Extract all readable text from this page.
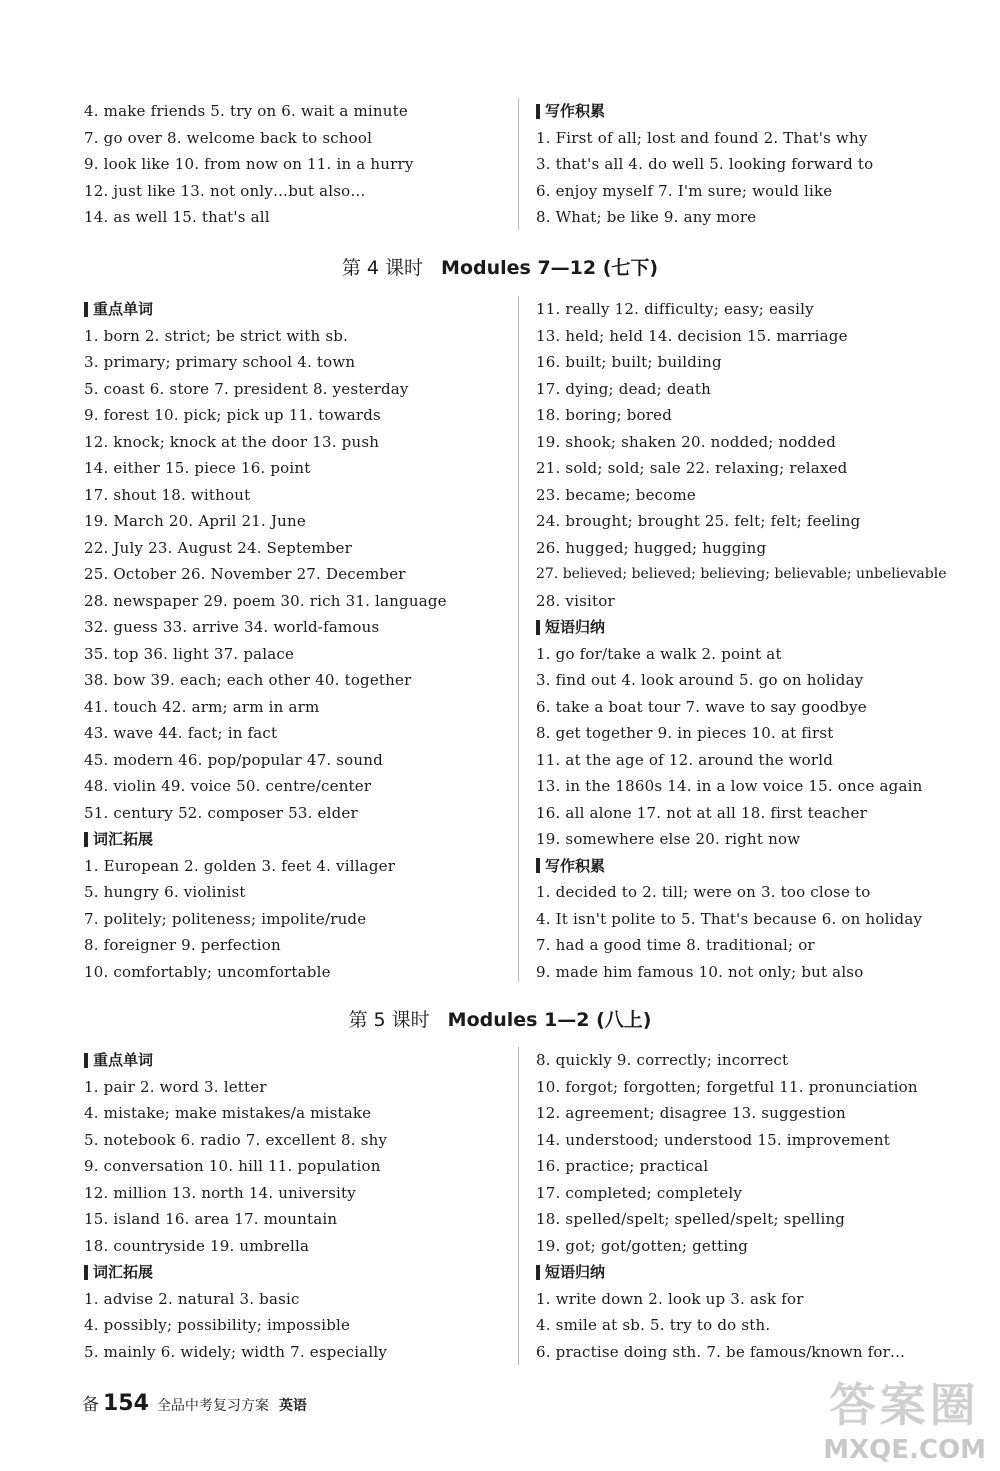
4. make friends 5. try on 6. wait a minute
7. go over 8. welcome back to school
9. look like 10. from now on 11. in a hurry
12. just like 13. not only…but also…
14. as well 15. that's all
写作积累
1. First of all; lost and found 2. That's why
3. that's all 4. do well 5. looking forward to
6. enjoy myself 7. I'm sure; would like
8. What; be like 9. any more
第 4 课时 Modules 7—12 (七下)
重点单词
1. born 2. strict; be strict with sb.
3. primary; primary school 4. town
5. coast 6. store 7. president 8. yesterday
9. forest 10. pick; pick up 11. towards
12. knock; knock at the door 13. push
14. either 15. piece 16. point
17. shout 18. without
19. March 20. April 21. June
22. July 23. August 24. September
25. October 26. November 27. December
28. newspaper 29. poem 30. rich 31. language
32. guess 33. arrive 34. world-famous
35. top 36. light 37. palace
38. bow 39. each; each other 40. together
41. touch 42. arm; arm in arm
43. wave 44. fact; in fact
45. modern 46. pop/popular 47. sound
48. violin 49. voice 50. centre/center
51. century 52. composer 53. elder
词汇拓展
1. European 2. golden 3. feet 4. villager
5. hungry 6. violinist
7. politely; politeness; impolite/rude
8. foreigner 9. perfection
10. comfortably; uncomfortable
11. really 12. difficulty; easy; easily
13. held; held 14. decision 15. marriage
16. built; built; building
17. dying; dead; death
18. boring; bored
19. shook; shaken 20. nodded; nodded
21. sold; sold; sale 22. relaxing; relaxed
23. became; become
24. brought; brought 25. felt; felt; feeling
26. hugged; hugged; hugging
27. believed; believed; believing; believable; unbelievable
28. visitor
短语归纳
1. go for/take a walk 2. point at
3. find out 4. look around 5. go on holiday
6. take a boat tour 7. wave to say goodbye
8. get together 9. in pieces 10. at first
11. at the age of 12. around the world
13. in the 1860s 14. in a low voice 15. once again
16. all alone 17. not at all 18. first teacher
19. somewhere else 20. right now
写作积累
1. decided to 2. till; were on 3. too close to
4. It isn't polite to 5. That's because 6. on holiday
7. had a good time 8. traditional; or
9. made him famous 10. not only; but also
第 5 课时 Modules 1—2 (八上)
重点单词
1. pair 2. word 3. letter
4. mistake; make mistakes/a mistake
5. notebook 6. radio 7. excellent 8. shy
9. conversation 10. hill 11. population
12. million 13. north 14. university
15. island 16. area 17. mountain
18. countryside 19. umbrella
词汇拓展
1. advise 2. natural 3. basic
4. possibly; possibility; impossible
5. mainly 6. widely; width 7. especially
8. quickly 9. correctly; incorrect
10. forgot; forgotten; forgetful 11. pronunciation
12. agreement; disagree 13. suggestion
14. understood; understood 15. improvement
16. practice; practical
17. completed; completely
18. spelled/spelt; spelled/spelt; spelling
19. got; got/gotten; getting
短语归纳
1. write down 2. look up 3. ask for
4. smile at sb. 5. try to do sth.
6. practise doing sth. 7. be famous/known for…
备 154 全品中考复习方案 英语	答案圈
MXQE.COM
